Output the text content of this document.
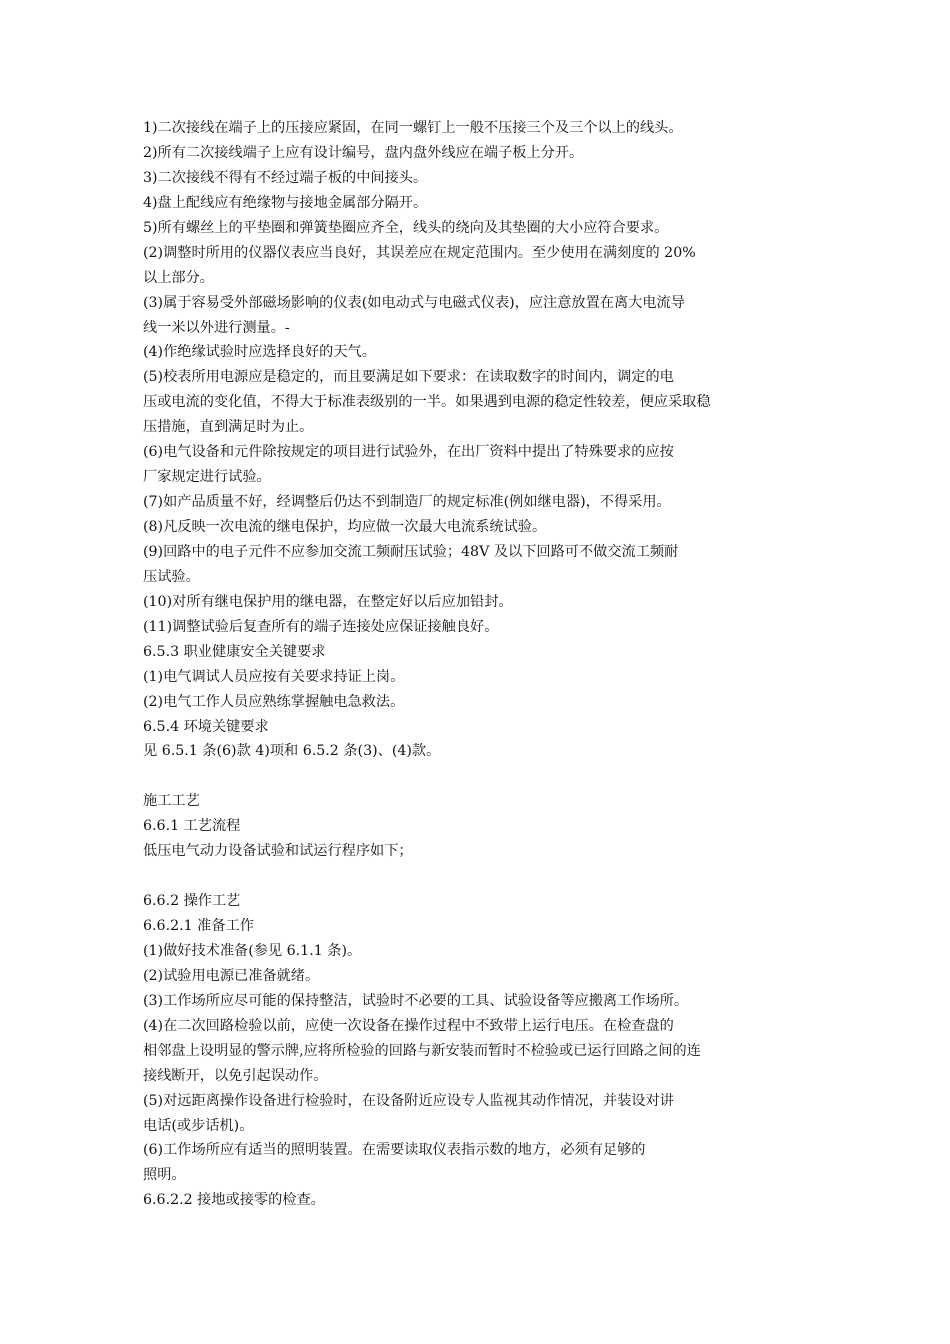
1)二次接线在端子上的压接应紧固，在同一螺钉上一般不压接三个及三个以上的线头。
2)所有二次接线端子上应有设计编号，盘内盘外线应在端子板上分开。
3)二次接线不得有不经过端子板的中间接头。
4)盘上配线应有绝缘物与接地金属部分隔开。
5)所有螺丝上的平垫圈和弹簧垫圈应齐全，线头的绕向及其垫圈的大小应符合要求。
(2)调整时所用的仪器仪表应当良好，其误差应在规定范围内。至少使用在满刻度的 20%
以上部分。
(3)属于容易受外部磁场影响的仪表(如电动式与电磁式仪表)，应注意放置在离大电流导
线一米以外进行测量。-
(4)作绝缘试验时应选择良好的天气。
(5)校表所用电源应是稳定的，而且要满足如下要求：在读取数字的时间内，调定的电
压或电流的变化值，不得大于标准表级别的一半。如果遇到电源的稳定性较差，便应采取稳
压措施，直到满足时为止。
(6)电气设备和元件除按规定的项目进行试验外，在出厂资料中提出了特殊要求的应按
厂家规定进行试验。
(7)如产品质量不好，经调整后仍达不到制造厂的规定标准(例如继电器)，不得采用。
(8)凡反映一次电流的继电保护，均应做一次最大电流系统试验。
(9)回路中的电子元件不应参加交流工频耐压试验；48V 及以下回路可不做交流工频耐
压试验。
(10)对所有继电保护用的继电器，在整定好以后应加铅封。
(11)调整试验后复查所有的端子连接处应保证接触良好。
6.5.3 职业健康安全关键要求
(1)电气调试人员应按有关要求持证上岗。
(2)电气工作人员应熟练掌握触电急救法。
6.5.4 环境关键要求
见 6.5.1 条(6)款 4)项和 6.5.2 条(3)、(4)款。
施工工艺
6.6.1 工艺流程
低压电气动力设备试验和试运行程序如下；
6.6.2 操作工艺
6.6.2.1 准备工作
(1)做好技术准备(参见 6.1.1 条)。
(2)试验用电源已准备就绪。
(3)工作场所应尽可能的保持整洁，试验时不必要的工具、试验设备等应搬离工作场所。
(4)在二次回路检验以前，应使一次设备在操作过程中不致带上运行电压。在检查盘的
相邻盘上设明显的警示牌,应将所检验的回路与新安装而暂时不检验或已运行回路之间的连
接线断开，以免引起误动作。
(5)对远距离操作设备进行检验时，在设备附近应设专人监视其动作情况，并装设对讲
电话(或步话机)。
(6)工作场所应有适当的照明装置。在需要读取仪表指示数的地方，必须有足够的
照明。
6.6.2.2 接地或接零的检查。
